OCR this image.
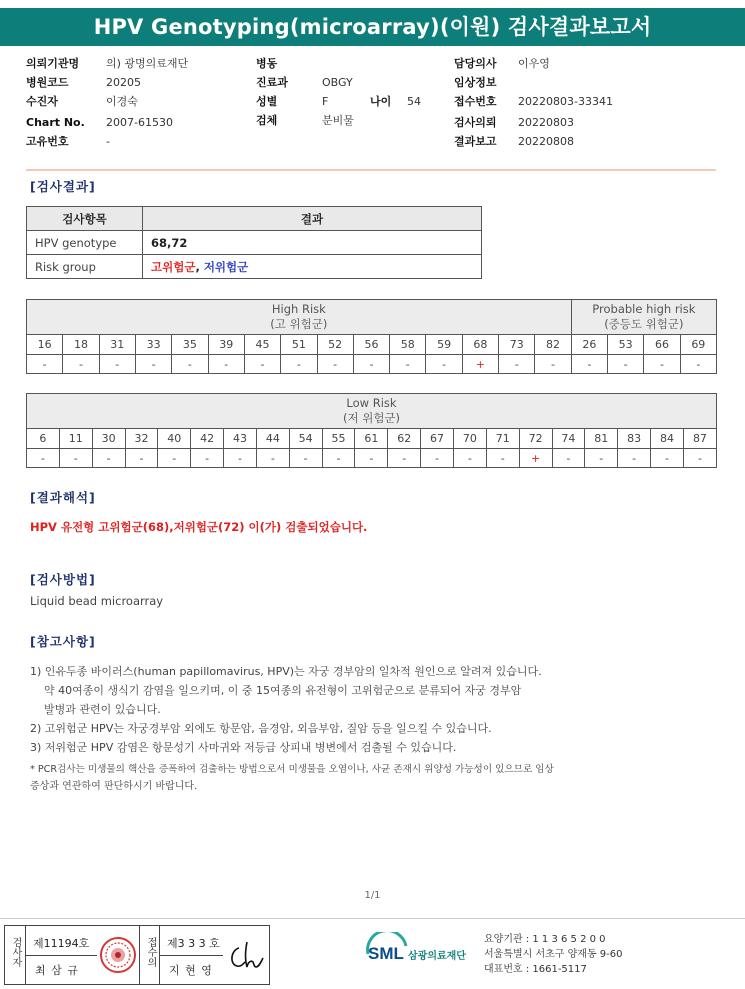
HPV Genotyping(microarray)(이원) 검사결과보고서
의뢰기관명 의) 광명의료재단
병원코드	20205
수진자	이경숙
Chart No. 2007-61530
고유번호	-
병동
진료과	OBGY
성별	F	나이 54
검체	분비물
담당의사 이우영
임상정보
접수번호 20220803-33341
검사의뢰 20220803
결과보고 20220808
[검사결과]
검사항목	결과
HPV genotype	68,72
Risk group	고위험군, 저위험군
High Risk
(고 위험군)															Probable high risk
(중등도 위험군)			
16	18	31	33	35	39	45	51	52	56	58	59	68	73	82	26	53	66	69
-	-	-	-	-	-	-	-	-	-	-	-	+	-	-	-	-	-	-
Low Risk
(저 위험군)																				
6	11	30	32	40	42	43	44	54	55	61	62	67	70	71	72	74	81	83	84	87
-	-	-	-	-	-	-	-	-	-	-	-	-	-	-	+	-	-	-	-	-
[결과해석]
HPV 유전형 고위험군(68),저위험군(72) 이(가) 검출되었습니다.
[검사방법]
Liquid bead microarray
[참고사항]
1) 인유두종 바이러스(human papillomavirus, HPV)는 자궁 경부암의 일차적 원인으로 알려져 있습니다.
약 40여종이 생식기 감염을 일으키며, 이 중 15여종의 유전형이 고위험군으로 분류되어 자궁 경부암
발병과 관련이 있습니다.
2) 고위험군 HPV는 자궁경부암 외에도 항문암, 음경암, 외음부암, 질암 등을 일으킬 수 있습니다.
3) 저위험군 HPV 감염은 항문성기 사마귀와 저등급 상피내 병변에서 검출될 수 있습니다.
* PCR검사는 미생물의 핵산을 증폭하여 검출하는 방법으로서 미생물을 오염이나, 사균 존재시 위양성 가능성이 있으므로 임상
증상과 연관하여 판단하시기 바랍니다.
1/1
검사자 제11194호
최 삼 규
접수의 제3 3 3 호
지 현 영
SML 삼광의료재단
요양기관 : 1 1 3 6 5 2 0 0
서울특별시 서초구 양재동 9-60
대표번호 : 1661-5117
